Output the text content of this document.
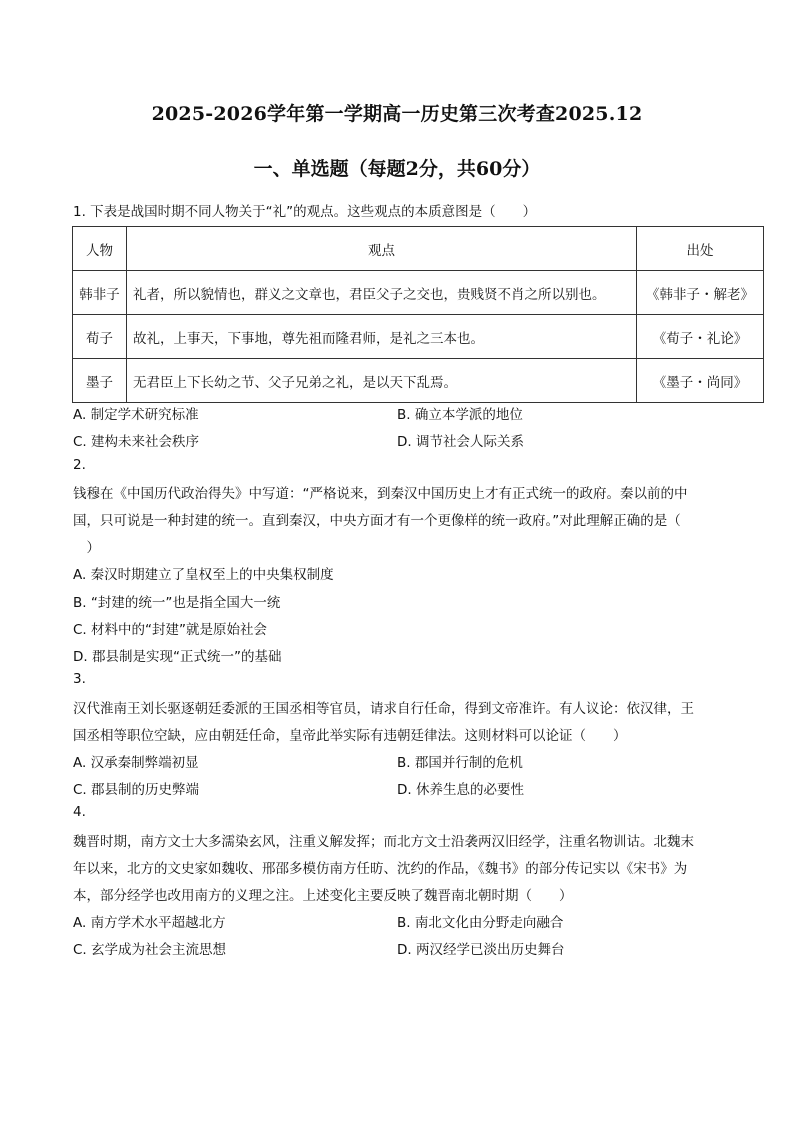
2025-2026学年第一学期高一历史第三次考查2025.12
一、单选题（每题2分，共60分）
1. 下表是战国时期不同人物关于“礼”的观点。这些观点的本质意图是（　　）
人物	观点	出处
韩非子	礼者，所以貌情也，群义之文章也，君臣父子之交也，贵贱贤不肖之所以别也。	《韩非子・解老》
荀子	故礼，上事天，下事地，尊先祖而隆君师，是礼之三本也。	《荀子・礼论》
墨子	无君臣上下长幼之节、父子兄弟之礼，是以天下乱焉。	《墨子・尚同》
A. 制定学术研究标准	B. 确立本学派的地位
C. 建构未来社会秩序	D. 调节社会人际关系
2.
钱穆在《中国历代政治得失》中写道：“严格说来，到秦汉中国历史上才有正式统一的政府。秦以前的中
国，只可说是一种封建的统一。直到秦汉，中央方面才有一个更像样的统一政府。”对此理解正确的是（
　）
A. 秦汉时期建立了皇权至上的中央集权制度
B. “封建的统一”也是指全国大一统
C. 材料中的“封建”就是原始社会
D. 郡县制是实现“正式统一”的基础
3.
汉代淮南王刘长驱逐朝廷委派的王国丞相等官员，请求自行任命，得到文帝准许。有人议论：依汉律，王
国丞相等职位空缺，应由朝廷任命，皇帝此举实际有违朝廷律法。这则材料可以论证（　　）
A. 汉承秦制弊端初显	B. 郡国并行制的危机
C. 郡县制的历史弊端	D. 休养生息的必要性
4.
魏晋时期，南方文士大多濡染玄风，注重义解发挥；而北方文士沿袭两汉旧经学，注重名物训诂。北魏末
年以来，北方的文史家如魏收、邢邵多模仿南方任昉、沈约的作品，《魏书》的部分传记实以《宋书》为
本，部分经学也改用南方的义理之注。上述变化主要反映了魏晋南北朝时期（　　）
A. 南方学术水平超越北方	B. 南北文化由分野走向融合
C. 玄学成为社会主流思想	D. 两汉经学已淡出历史舞台
